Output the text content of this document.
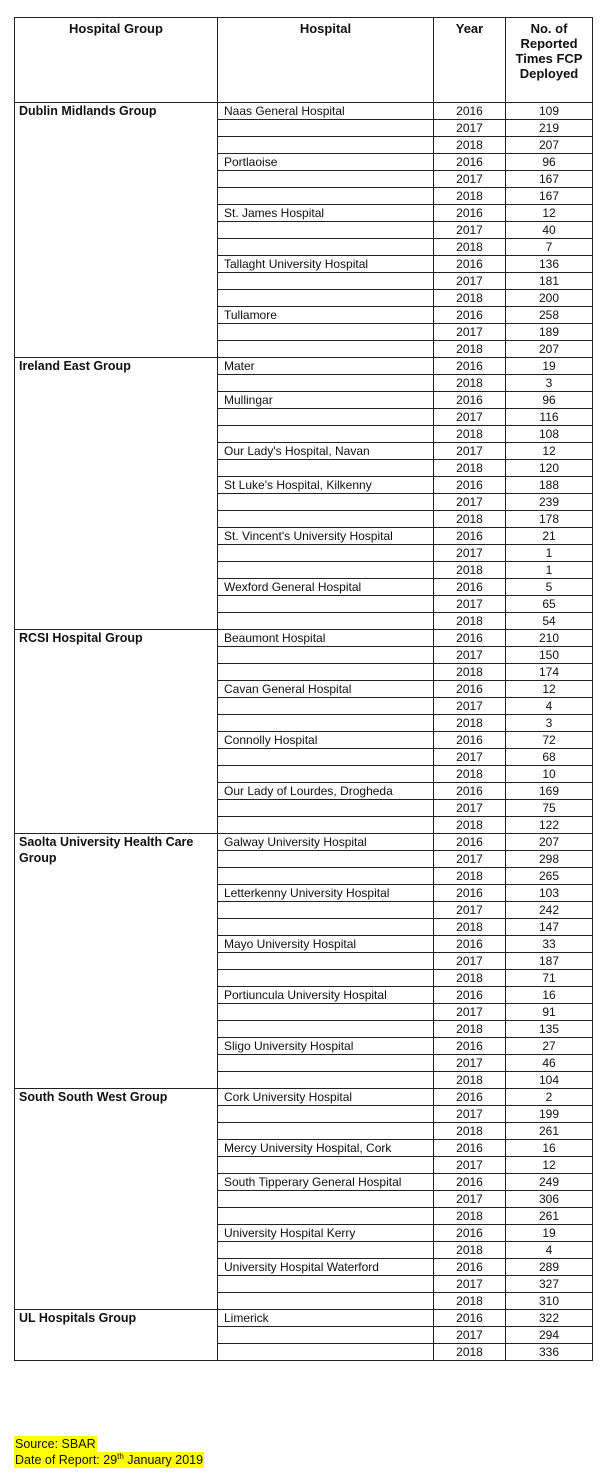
Hospital Group	Hospital	Year	No. of Reported Times FCP Deployed
Dublin Midlands Group	Naas General Hospital	2016	109
		2017	219
		2018	207
	Portlaoise	2016	96
		2017	167
		2018	167
	St. James Hospital	2016	12
		2017	40
		2018	7
	Tallaght University Hospital	2016	136
		2017	181
		2018	200
	Tullamore	2016	258
		2017	189
		2018	207
Ireland East Group	Mater	2016	19
		2018	3
	Mullingar	2016	96
		2017	116
		2018	108
	Our Lady's Hospital, Navan	2017	12
		2018	120
	St Luke's Hospital, Kilkenny	2016	188
		2017	239
		2018	178
	St. Vincent's University Hospital	2016	21
		2017	1
		2018	1
	Wexford General Hospital	2016	5
		2017	65
		2018	54
RCSI Hospital Group	Beaumont Hospital	2016	210
		2017	150
		2018	174
	Cavan General Hospital	2016	12
		2017	4
		2018	3
	Connolly Hospital	2016	72
		2017	68
		2018	10
	Our Lady of Lourdes, Drogheda	2016	169
		2017	75
		2018	122
Saolta University Health Care Group	Galway University Hospital	2016	207
		2017	298
		2018	265
	Letterkenny University Hospital	2016	103
		2017	242
		2018	147
	Mayo University Hospital	2016	33
		2017	187
		2018	71
	Portiuncula University Hospital	2016	16
		2017	91
		2018	135
	Sligo University Hospital	2016	27
		2017	46
		2018	104
South South West Group	Cork University Hospital	2016	2
		2017	199
		2018	261
	Mercy University Hospital, Cork	2016	16
		2017	12
	South Tipperary General Hospital	2016	249
		2017	306
		2018	261
	University Hospital Kerry	2016	19
		2018	4
	University Hospital Waterford	2016	289
		2017	327
		2018	310
UL Hospitals Group	Limerick	2016	322
		2017	294
		2018	336
Source: SBAR
Date of Report: 29th January 2019
